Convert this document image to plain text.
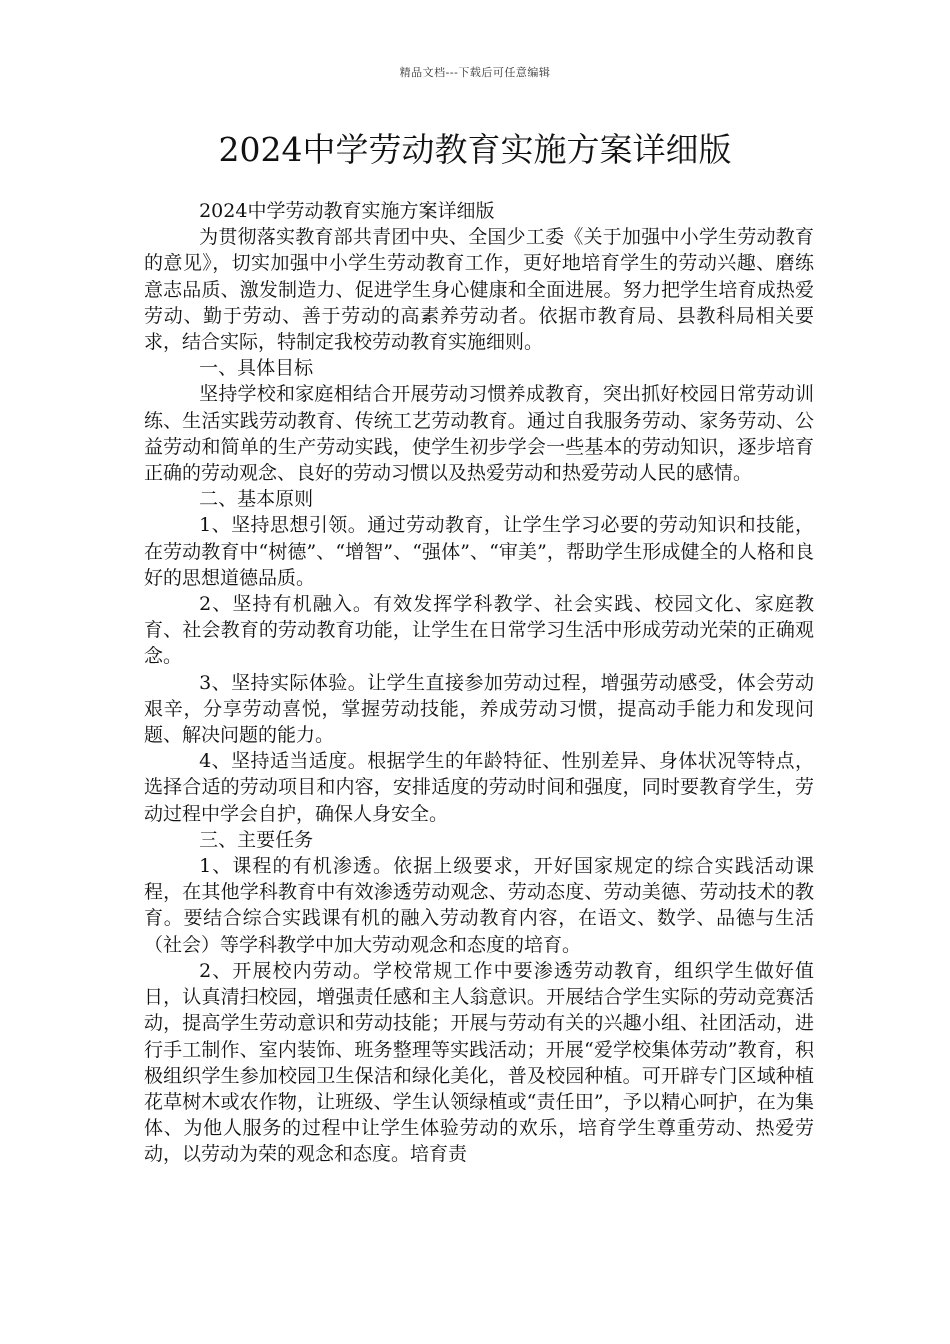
精品文档---下载后可任意编辑
2024中学劳动教育实施方案详细版

2024中学劳动教育实施方案详细版

为贯彻落实教育部共青团中央、全国少工委《关于加强中小学生劳动教育的意见》，切实加强中小学生劳动教育工作，更好地培育学生的劳动兴趣、磨练意志品质、激发制造力、促进学生身心健康和全面进展。努力把学生培育成热爱劳动、勤于劳动、善于劳动的高素养劳动者。依据市教育局、县教科局相关要求，结合实际，特制定我校劳动教育实施细则。

一、具体目标

坚持学校和家庭相结合开展劳动习惯养成教育，突出抓好校园日常劳动训练、生活实践劳动教育、传统工艺劳动教育。通过自我服务劳动、家务劳动、公益劳动和简单的生产劳动实践，使学生初步学会一些基本的劳动知识，逐步培育正确的劳动观念、良好的劳动习惯以及热爱劳动和热爱劳动人民的感情。

二、基本原则

1、坚持思想引领。通过劳动教育，让学生学习必要的劳动知识和技能，在劳动教育中“树德”、“增智”、“强体”、“审美”，帮助学生形成健全的人格和良好的思想道德品质。

2、坚持有机融入。有效发挥学科教学、社会实践、校园文化、家庭教育、社会教育的劳动教育功能，让学生在日常学习生活中形成劳动光荣的正确观念。

3、坚持实际体验。让学生直接参加劳动过程，增强劳动感受，体会劳动艰辛，分享劳动喜悦，掌握劳动技能，养成劳动习惯，提高动手能力和发现问题、解决问题的能力。

4、坚持适当适度。根据学生的年龄特征、性别差异、身体状况等特点，选择合适的劳动项目和内容，安排适度的劳动时间和强度，同时要教育学生，劳动过程中学会自护，确保人身安全。

三、主要任务

1、课程的有机渗透。依据上级要求，开好国家规定的综合实践活动课程，在其他学科教育中有效渗透劳动观念、劳动态度、劳动美德、劳动技术的教育。要结合综合实践课有机的融入劳动教育内容，在语文、数学、品德与生活（社会）等学科教学中加大劳动观念和态度的培育。

2、开展校内劳动。学校常规工作中要渗透劳动教育，组织学生做好值日，认真清扫校园，增强责任感和主人翁意识。开展结合学生实际的劳动竞赛活动，提高学生劳动意识和劳动技能；开展与劳动有关的兴趣小组、社团活动，进行手工制作、室内装饰、班务整理等实践活动；开展“爱学校集体劳动”教育，积极组织学生参加校园卫生保洁和绿化美化，普及校园种植。可开辟专门区域种植花草树木或农作物，让班级、学生认领绿植或“责任田”，予以精心呵护，在为集体、为他人服务的过程中让学生体验劳动的欢乐，培育学生尊重劳动、热爱劳动，以劳动为荣的观念和态度。培育责
